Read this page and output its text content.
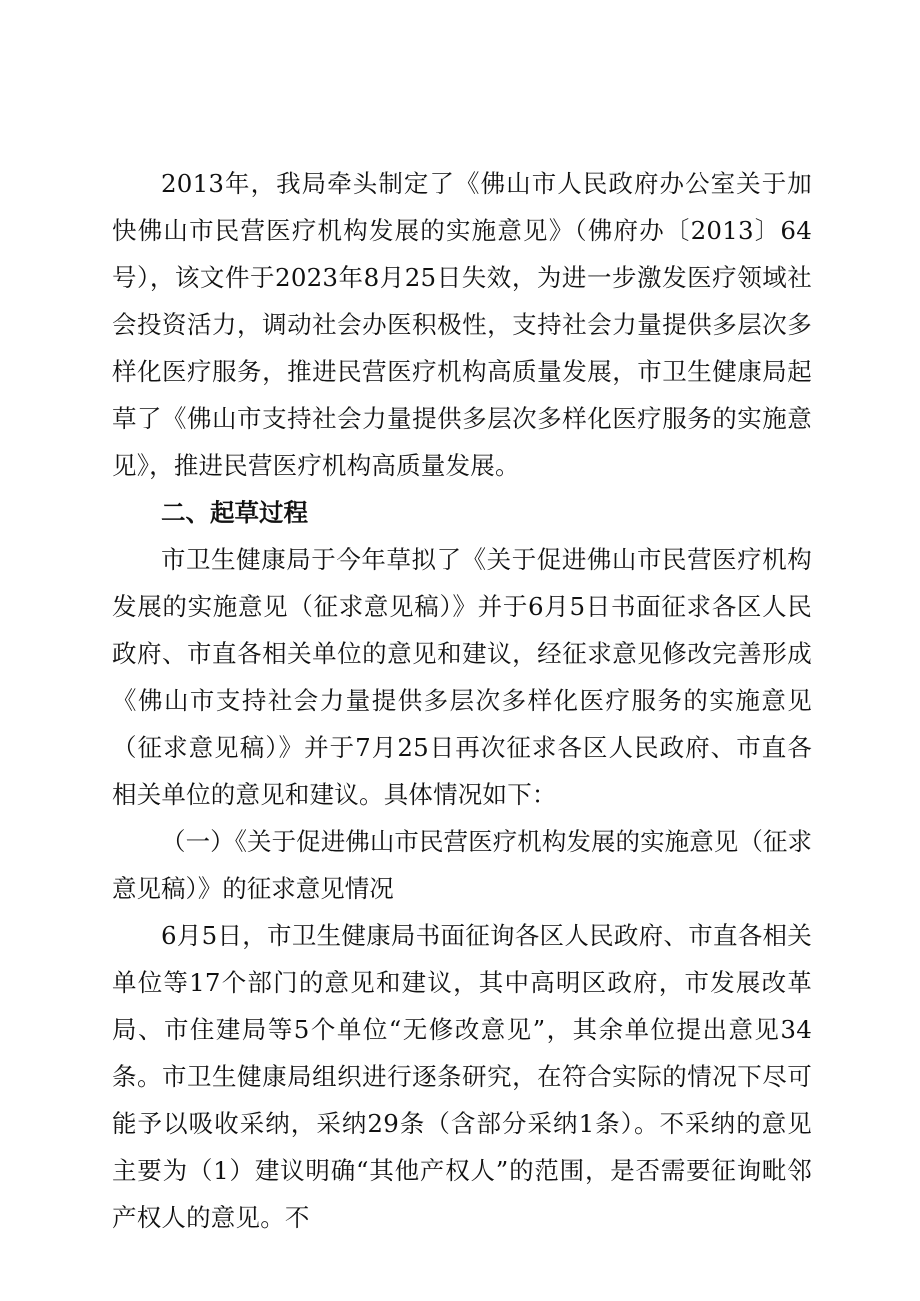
2013年，我局牵头制定了《佛山市人民政府办公室关于加快佛山市民营医疗机构发展的实施意见》（佛府办〔2013〕64号），该文件于2023年8月25日失效，为进一步激发医疗领域社会投资活力，调动社会办医积极性，支持社会力量提供多层次多样化医疗服务，推进民营医疗机构高质量发展，市卫生健康局起草了《佛山市支持社会力量提供多层次多样化医疗服务的实施意见》，推进民营医疗机构高质量发展。

二、起草过程

市卫生健康局于今年草拟了《关于促进佛山市民营医疗机构发展的实施意见（征求意见稿）》并于6月5日书面征求各区人民政府、市直各相关单位的意见和建议，经征求意见修改完善形成《佛山市支持社会力量提供多层次多样化医疗服务的实施意见（征求意见稿）》并于7月25日再次征求各区人民政府、市直各相关单位的意见和建议。具体情况如下：

（一）《关于促进佛山市民营医疗机构发展的实施意见（征求意见稿）》的征求意见情况

6月5日，市卫生健康局书面征询各区人民政府、市直各相关单位等17个部门的意见和建议，其中高明区政府，市发展改革局、市住建局等5个单位“无修改意见”，其余单位提出意见34条。市卫生健康局组织进行逐条研究，在符合实际的情况下尽可能予以吸收采纳，采纳29条（含部分采纳1条）。不采纳的意见主要为（1）建议明确“其他产权人”的范围，是否需要征询毗邻产权人的意见。不
